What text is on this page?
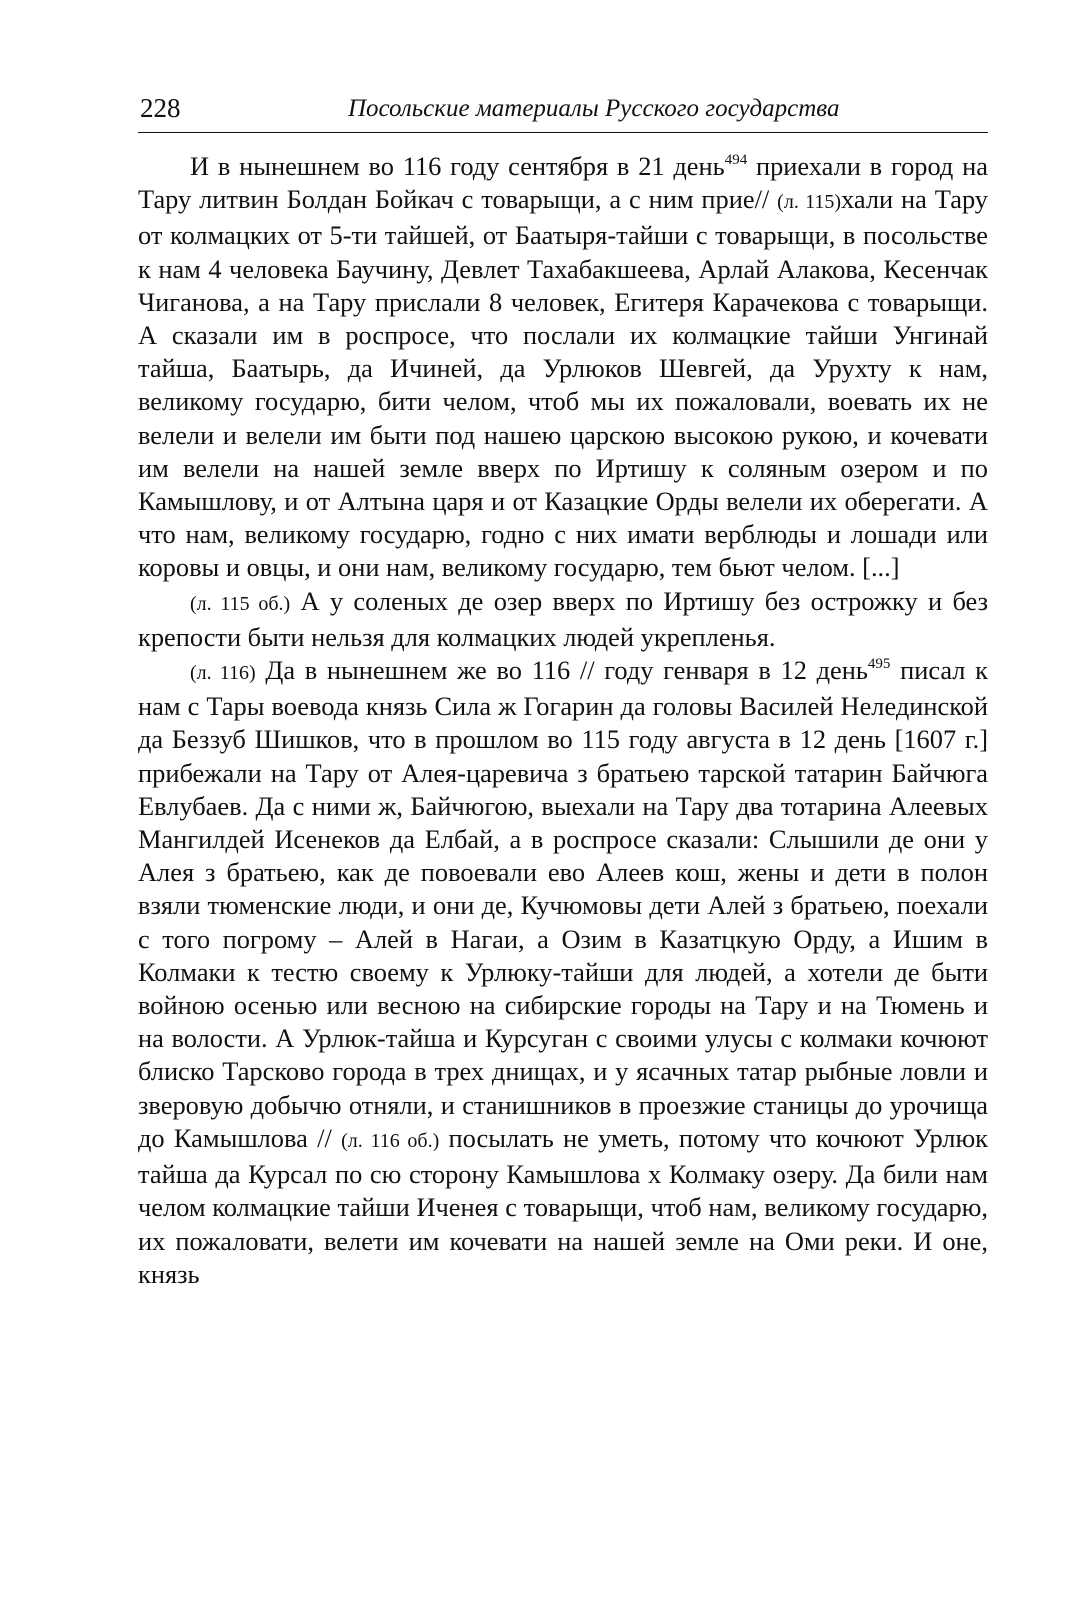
228	Посольские материалы Русского государства

И в нынешнем во 116 году сентября в 21 день$^{494}$ приехали в город на Тару литвин Болдан Бойкач с товарыщи, а с ним прие// (л. 115)хали на Тару от колмацких от 5-ти тайшей, от Баатыря-тайши с товарыщи, в посольстве к нам 4 человека Баучину, Девлет Тахабакшеева, Арлай Алакова, Кесенчак Чиганова, а на Тару прислали 8 человек, Егитеря Карачекова с товарыщи. А сказали им в роспросе, что послали их колмацкие тайши Унгинай тайша, Баатырь, да Ичиней, да Урлюков Шевгей, да Урухту к нам, великому государю, бити челом, чтоб мы их пожаловали, воевать их не велели и велели им быти под нашею царскою высокою рукою, и кочевати им велели на нашей земле вверх по Иртишу к соляным озером и по Камышлову, и от Алтына царя и от Казацкие Орды велели их оберегати. А что нам, великому государю, годно с них имати верблюды и лошади или коровы и овцы, и они нам, великому государю, тем бьют челом. [...]

(л. 115 об.) А у соленых де озер вверх по Иртишу без острожку и без крепости быти нельзя для колмацких людей укрепленья.

(л. 116) Да в нынешнем же во 116 // году генваря в 12 день$^{495}$ писал к нам с Тары воевода князь Сила ж Гогарин да головы Василей Нелединской да Беззуб Шишков, что в прошлом во 115 году августа в 12 день [1607 г.] прибежали на Тару от Алея-царевича з братьею тарской татарин Байчюга Евлубаев. Да с ними ж, Байчюгою, выехали на Тару два тотарина Алеевых Мангилдей Исенеков да Елбай, а в роспросе сказали: Слышили де они у Алея з братьею, как де повоевали ево Алеев кош, жены и дети в полон взяли тюменские люди, и они де, Кучюмовы дети Алей з братьею, поехали с того погрому – Алей в Нагаи, а Озим в Казатцкую Орду, а Ишим в Колмаки к тестю своему к Урлюку-тайши для людей, а хотели де быти войною осенью или весною на сибирские городы на Тару и на Тюмень и на волости. А Урлюк-тайша и Курсуган с своими улусы с колмаки кочюют блиско Тарсково города в трех днищах, и у ясачных татар рыбные ловли и зверовую добычю отняли, и станишников в проезжие станицы до урочища до Камышлова // (л. 116 об.) посылать не уметь, потому что кочюют Урлюк тайша да Курсал по сю сторону Камышлова х Колмаку озеру. Да били нам челом колмацкие тайши Иченея с товарыщи, чтоб нам, великому государю, их пожаловати, велети им кочевати на нашей земле на Оми реки. И оне, князь
